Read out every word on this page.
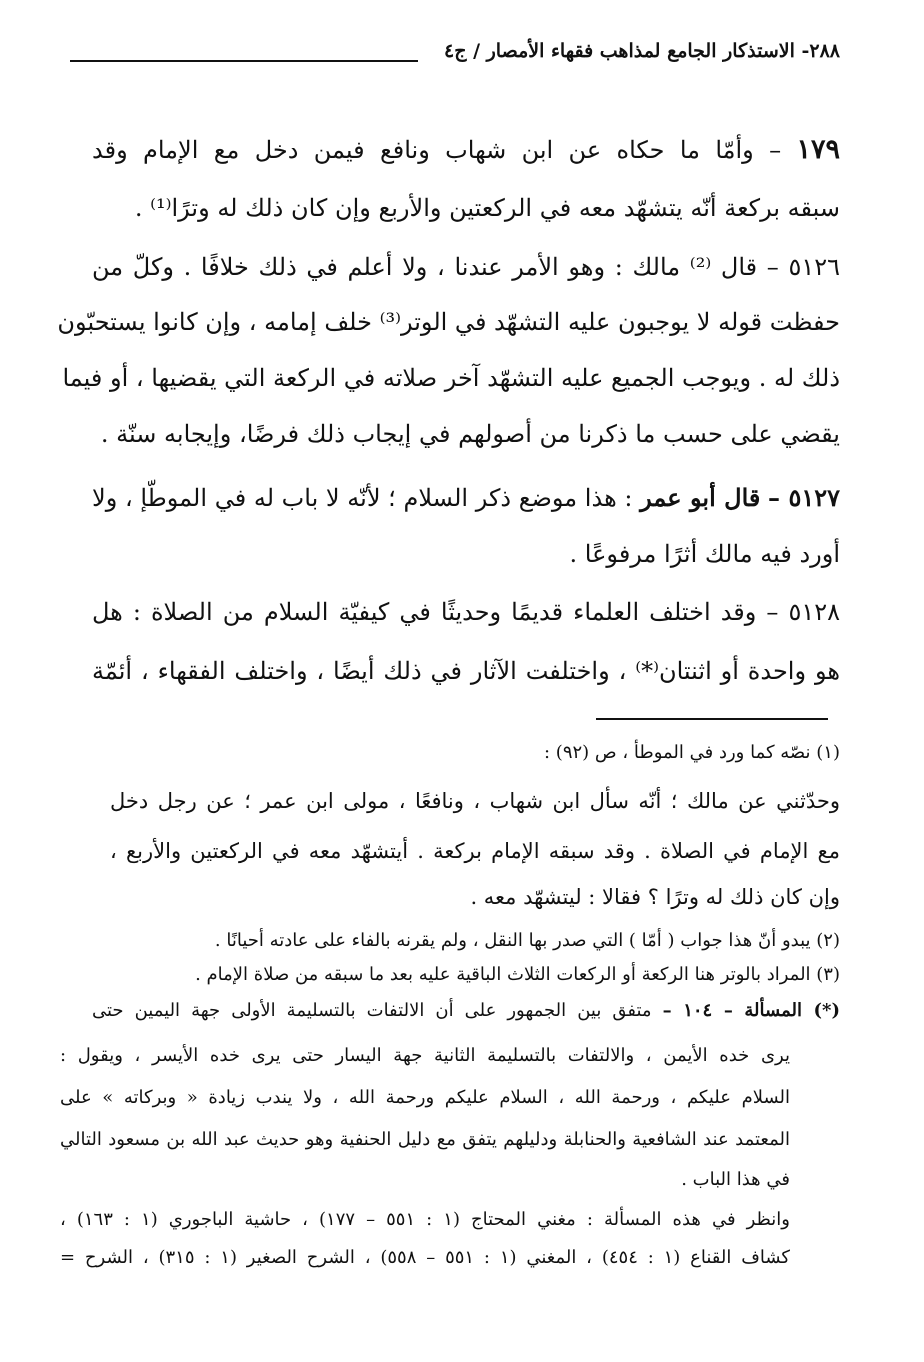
٢٨٨- الاستذكار الجامع لمذاهب فقهاء الأمصار / ج٤
١٧٩ – وأمّا ما حكاه عن ابن شهاب ونافع فيمن دخل مع الإمام وقد
سبقه بركعة أنّه يتشهّد معه في الركعتين والأربع وإن كان ذلك له وترًا⁽¹⁾ .
٥١٢٦ – قال ⁽²⁾ مالك : وهو الأمر عندنا ، ولا أعلم في ذلك خلافًا . وكلّ من
حفظت قوله لا يوجبون عليه التشهّد في الوتر⁽³⁾ خلف إمامه ، وإن كانوا يستحبّون
ذلك له . ويوجب الجميع عليه التشهّد آخر صلاته في الركعة التي يقضيها ، أو فيما
يقضي على حسب ما ذكرنا من أصولهم في إيجاب ذلك فرضًا، وإيجابه سنّة .
٥١٢٧ – قال أبو عمر : هذا موضع ذكر السلام ؛ لأنّه لا باب له في الموطّإ ، ولا
أورد فيه مالك أثرًا مرفوعًا .
٥١٢٨ – وقد اختلف العلماء قديمًا وحديثًا في كيفيّة السلام من الصلاة : هل
هو واحدة أو اثنتان⁽*⁾ ، واختلفت الآثار في ذلك أيضًا ، واختلف الفقهاء ، أئمّة
(١) نصّه كما ورد في الموطأ ، ص (٩٢) :
وحدّثني عن مالك ؛ أنّه سأل ابن شهاب ، ونافعًا ، مولى ابن عمر ؛ عن رجل دخل
مع الإمام في الصلاة . وقد سبقه الإمام بركعة . أيتشهّد معه في الركعتين والأربع ،
وإن كان ذلك له وترًا ؟ فقالا : ليتشهّد معه .
(٢) يبدو أنّ هذا جواب ( أمّا ) التي صدر بها النقل ، ولم يقرنه بالفاء على عادته أحيانًا .
(٣) المراد بالوتر هنا الركعة أو الركعات الثلاث الباقية عليه بعد ما سبقه من صلاة الإمام .
(*) المسألة – ١٠٤ – متفق بين الجمهور على أن الالتفات بالتسليمة الأولى جهة اليمين حتى
يرى خده الأيمن ، والالتفات بالتسليمة الثانية جهة اليسار حتى يرى خده الأيسر ، ويقول :
السلام عليكم ، ورحمة الله ، السلام عليكم ورحمة الله ، ولا يندب زيادة « وبركاته » على
المعتمد عند الشافعية والحنابلة ودليلهم يتفق مع دليل الحنفية وهو حديث عبد الله بن مسعود التالي
في هذا الباب .
وانظر في هذه المسألة : مغني المحتاج (١ : ٥٥١ – ١٧٧) ، حاشية الباجوري (١ : ١٦٣) ،
كشاف القناع (١ : ٤٥٤) ، المغني (١ : ٥٥١ – ٥٥٨) ، الشرح الصغير (١ : ٣١٥) ، الشرح =
